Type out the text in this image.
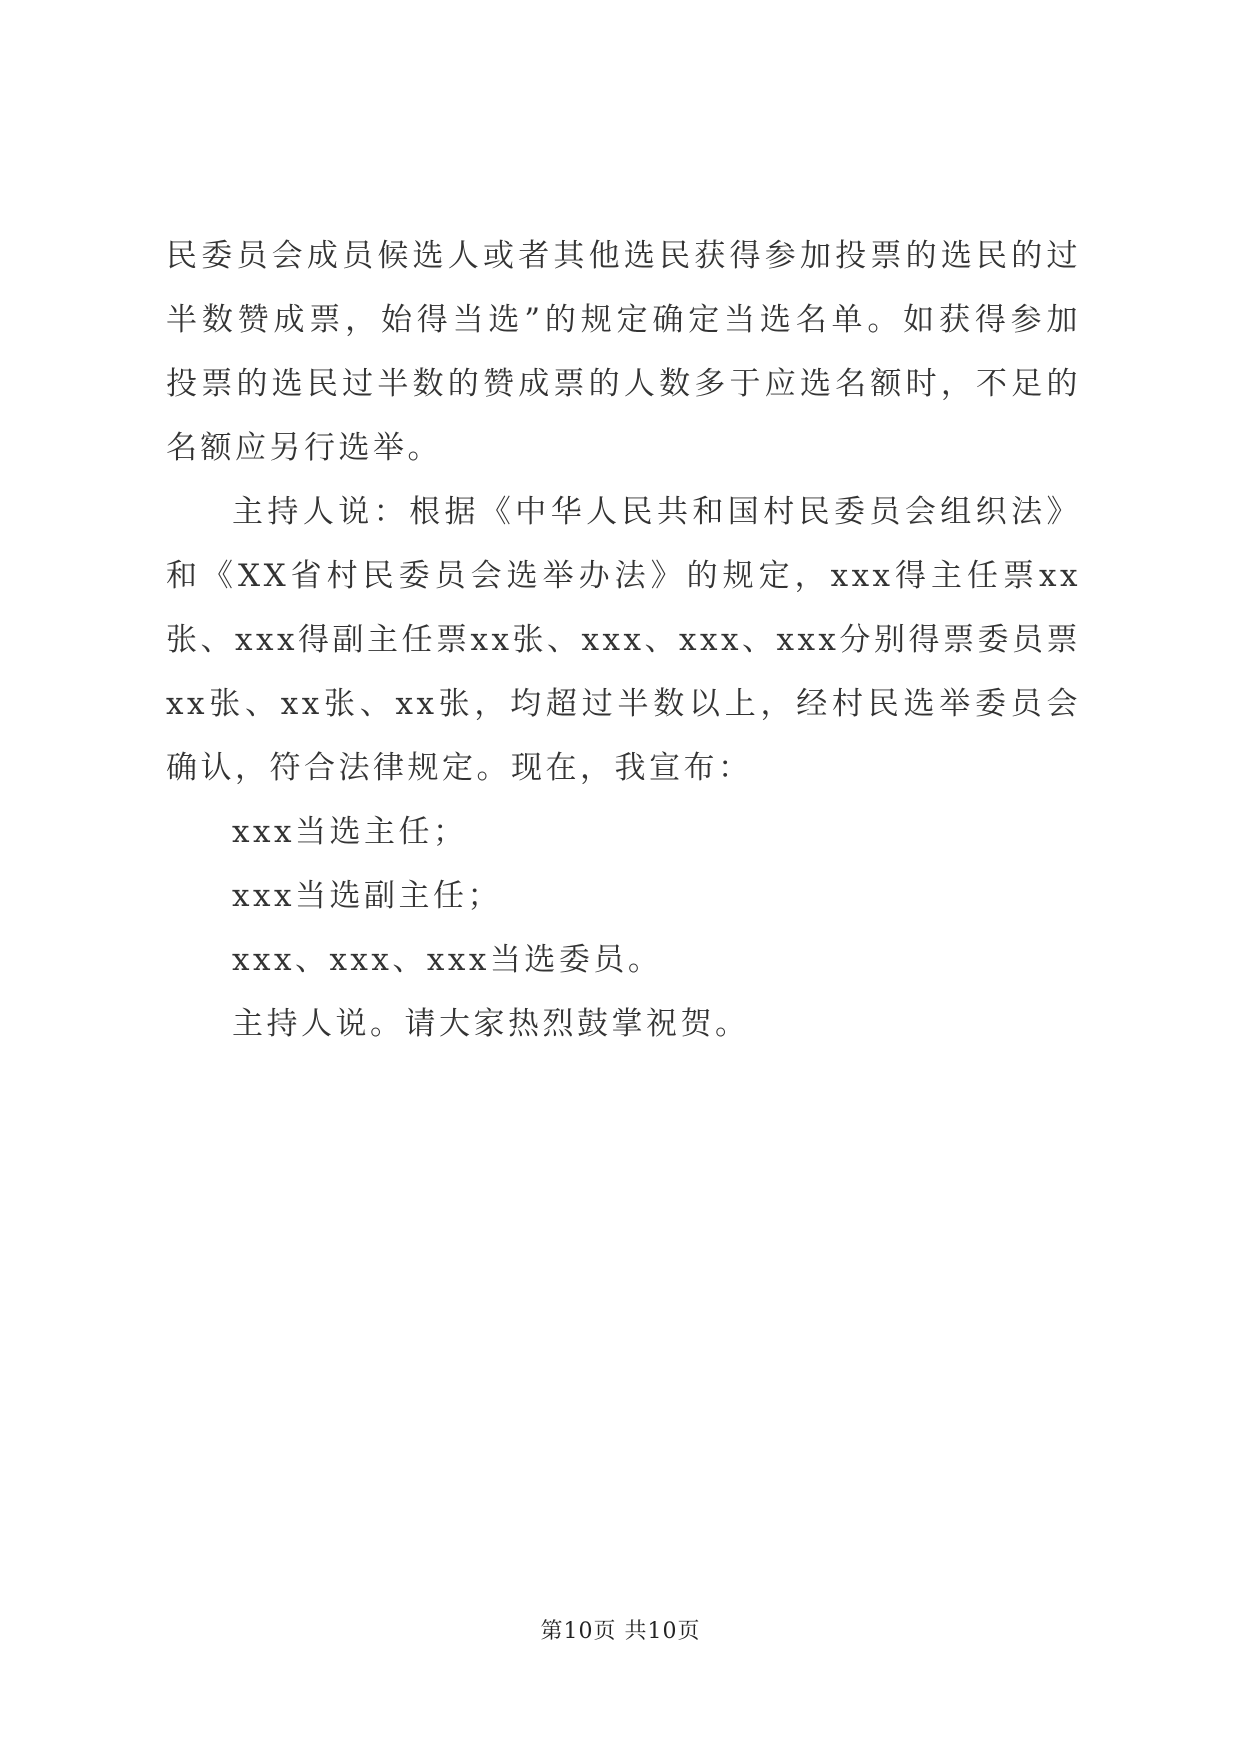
民委员会成员候选人或者其他选民获得参加投票的选民的过半数赞成票，始得当选”的规定确定当选名单。如获得参加投票的选民过半数的赞成票的人数多于应选名额时，不足的名额应另行选举。

主持人说：根据《中华人民共和国村民委员会组织法》和《XX省村民委员会选举办法》的规定，xxx得主任票xx张、xxx得副主任票xx张、xxx、xxx、xxx分别得票委员票xx张、xx张、xx张，均超过半数以上，经村民选举委员会确认，符合法律规定。现在，我宣布：

xxx当选主任；

xxx当选副主任；

xxx、xxx、xxx当选委员。

主持人说。请大家热烈鼓掌祝贺。

第10页 共10页
